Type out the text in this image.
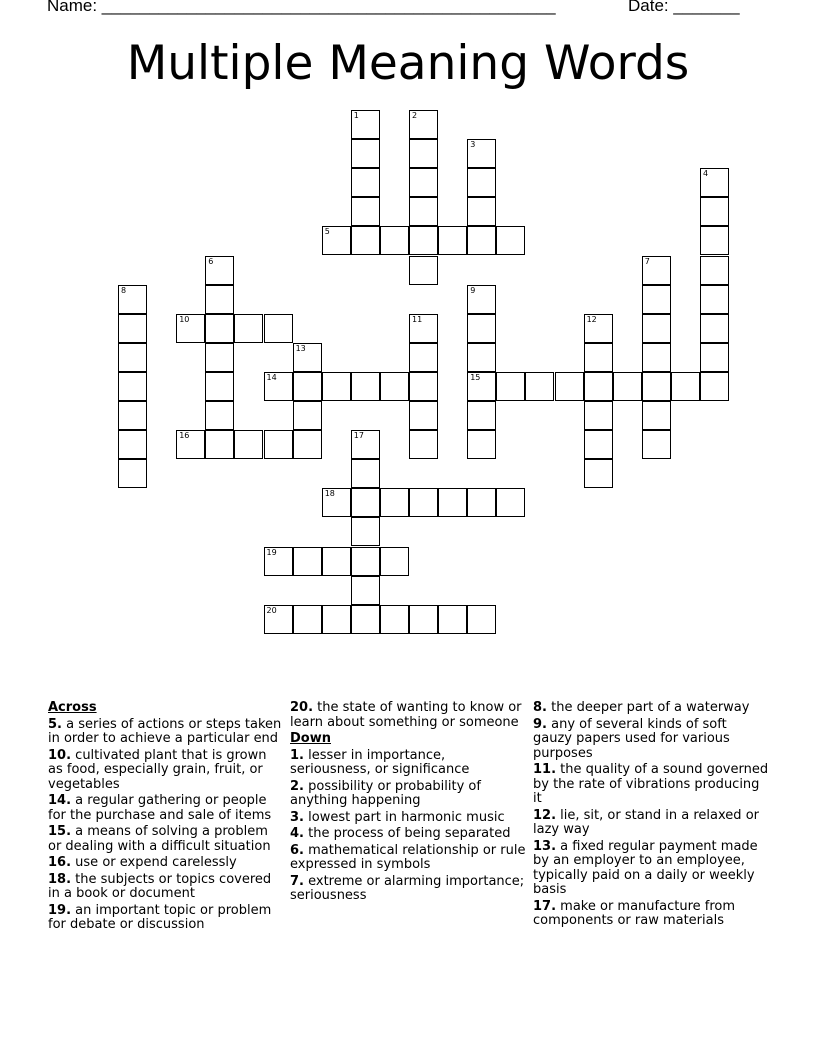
Name: ________________________________________________	Date: _______
Multiple Meaning Words
1	2
3
4
5
6	7
8	9
15
10	11	12
13
14
16	17
18
19
20
Across
5. a series of actions or steps taken in order to achieve a particular end
10. cultivated plant that is grown as food, especially grain, fruit, or vegetables
14. a regular gathering or people for the purchase and sale of items
15. a means of solving a problem or dealing with a difficult situation
16. use or expend carelessly
18. the subjects or topics covered in a book or document
19. an important topic or problem for debate or discussion
20. the state of wanting to know or learn about something or someone
Down
1. lesser in importance, seriousness, or significance
2. possibility or probability of anything happening
3. lowest part in harmonic music
4. the process of being separated
6. mathematical relationship or rule expressed in symbols
7. extreme or alarming importance; seriousness
8. the deeper part of a waterway
9. any of several kinds of soft gauzy papers used for various purposes
11. the quality of a sound governed by the rate of vibrations producing it
12. lie, sit, or stand in a relaxed or lazy way
13. a fixed regular payment made by an employer to an employee, typically paid on a daily or weekly basis
17. make or manufacture from components or raw materials
